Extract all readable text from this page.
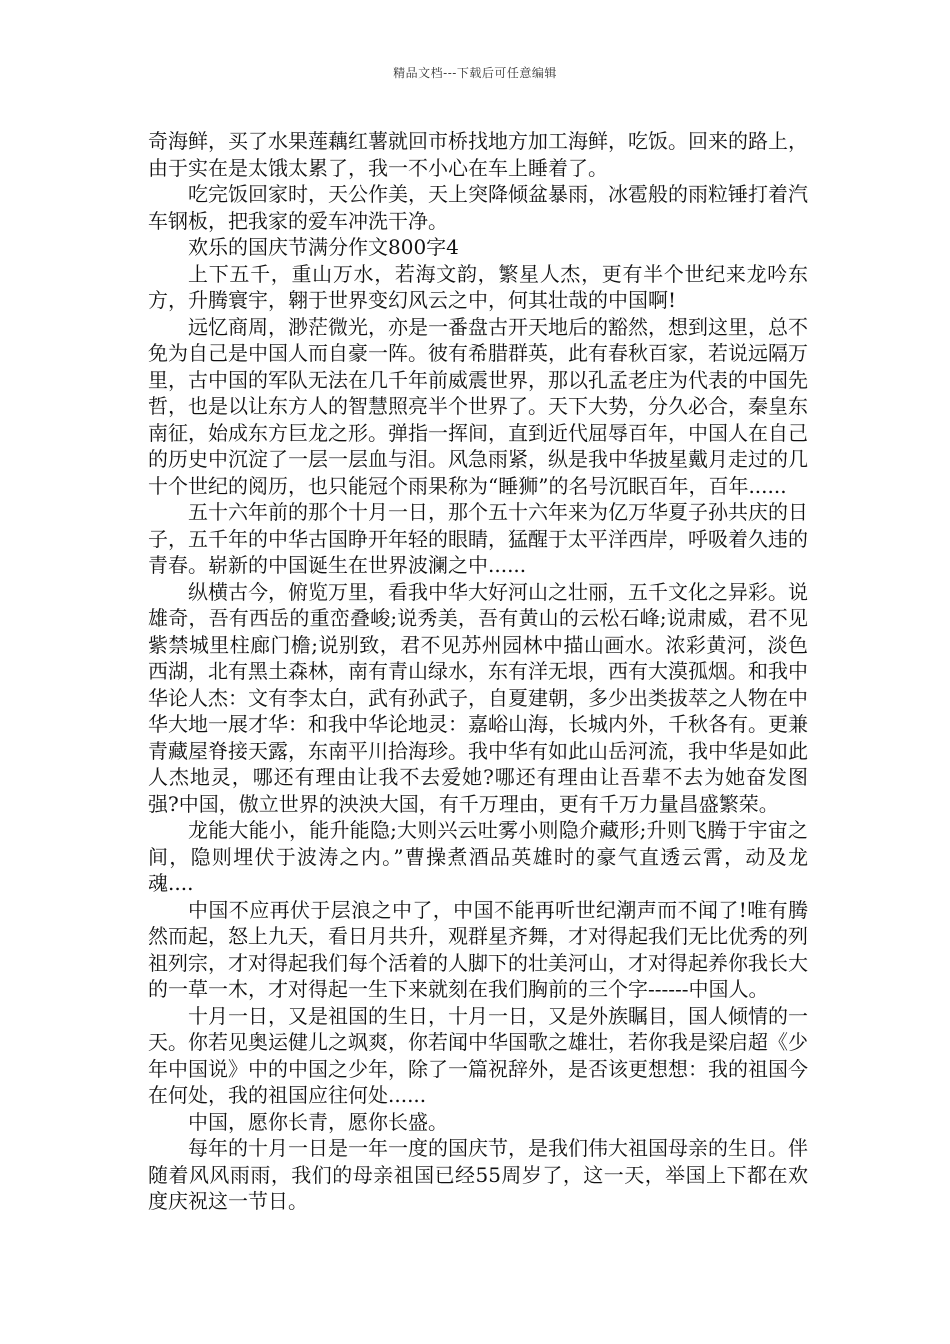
精品文档---下载后可任意编辑

奇海鲜，买了水果莲藕红薯就回市桥找地方加工海鲜，吃饭。回来的路上，由于实在是太饿太累了，我一不小心在车上睡着了。

吃完饭回家时，天公作美，天上突降倾盆暴雨，冰雹般的雨粒锤打着汽车钢板，把我家的爱车冲洗干净。

欢乐的国庆节满分作文800字4

上下五千，重山万水，若海文韵，繁星人杰，更有半个世纪来龙吟东方，升腾寰宇，翱于世界变幻风云之中，何其壮哉的中国啊!

远忆商周，渺茫微光，亦是一番盘古开天地后的豁然，想到这里，总不免为自己是中国人而自豪一阵。彼有希腊群英，此有春秋百家，若说远隔万里，古中国的军队无法在几千年前威震世界，那以孔孟老庄为代表的中国先哲，也是以让东方人的智慧照亮半个世界了。天下大势，分久必合，秦皇东南征，始成东方巨龙之形。弹指一挥间，直到近代屈辱百年，中国人在自己的历史中沉淀了一层一层血与泪。风急雨紧，纵是我中华披星戴月走过的几十个世纪的阅历，也只能冠个雨果称为“睡狮”的名号沉眠百年，百年......

五十六年前的那个十月一日，那个五十六年来为亿万华夏子孙共庆的日子，五千年的中华古国睁开年轻的眼睛，猛醒于太平洋西岸，呼吸着久违的青春。崭新的中国诞生在世界波澜之中......

纵横古今，俯览万里，看我中华大好河山之壮丽，五千文化之异彩。说雄奇，吾有西岳的重峦叠峻;说秀美，吾有黄山的云松石峰;说肃威，君不见紫禁城里柱廊门檐;说别致，君不见苏州园林中描山画水。浓彩黄河，淡色西湖，北有黑土森林，南有青山绿水，东有洋无垠，西有大漠孤烟。和我中华论人杰：文有李太白，武有孙武子，自夏建朝，多少出类拔萃之人物在中华大地一展才华：和我中华论地灵：嘉峪山海，长城内外，千秋各有。更兼青藏屋脊接天露，东南平川拾海珍。我中华有如此山岳河流，我中华是如此人杰地灵，哪还有理由让我不去爱她?哪还有理由让吾辈不去为她奋发图强?中国，傲立世界的泱泱大国，有千万理由，更有千万力量昌盛繁荣。

龙能大能小，能升能隐;大则兴云吐雾小则隐介藏形;升则飞腾于宇宙之间，隐则埋伏于波涛之内。”曹操煮酒品英雄时的豪气直透云霄，动及龙魂....

中国不应再伏于层浪之中了，中国不能再听世纪潮声而不闻了!唯有腾然而起，怒上九天，看日月共升，观群星齐舞，才对得起我们无比优秀的列祖列宗，才对得起我们每个活着的人脚下的壮美河山，才对得起养你我长大的一草一木，才对得起一生下来就刻在我们胸前的三个字------中国人。

十月一日，又是祖国的生日，十月一日，又是外族瞩目，国人倾情的一天。你若见奥运健儿之飒爽，你若闻中华国歌之雄壮，若你我是梁启超《少年中国说》中的中国之少年，除了一篇祝辞外，是否该更想想：我的祖国今在何处，我的祖国应往何处......

中国，愿你长青，愿你长盛。

每年的十月一日是一年一度的国庆节，是我们伟大祖国母亲的生日。伴随着风风雨雨，我们的母亲祖国已经55周岁了，这一天，举国上下都在欢度庆祝这一节日。
